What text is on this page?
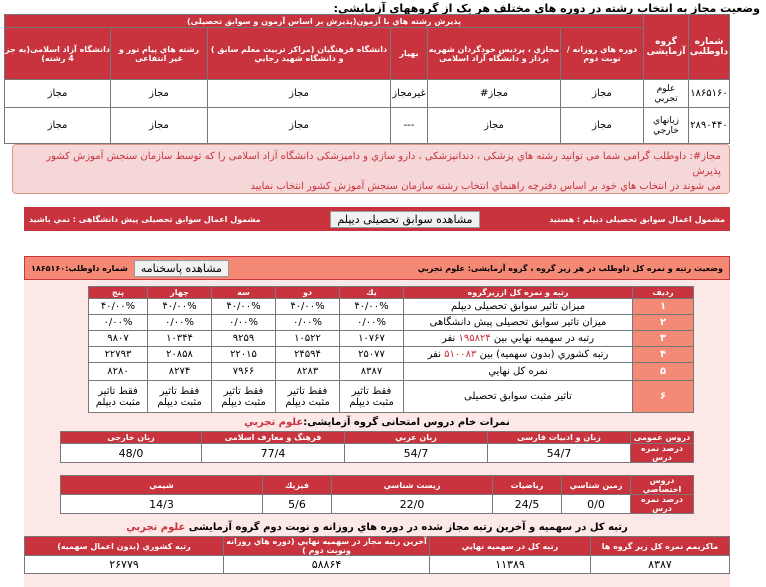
وضعیت مجاز به انتخاب رشته در دوره هاي مختلف هر یک از گروههاي آزمایشی:
شماره داوطلبی	گروه آزمایشی	پذیرش رشته هاي با آزمون(پذیرش بر اساس آزمون و سوابق تحصیلی)					
		دوره هاي روزانه / نوبت دوم	مجازي ، پرديس خودگردان شهريه پرداز و دانشگاه آزاد اسلامی	بهیار	دانشگاه فرهنگيان (مراكز تربيت معلم سابق ) و دانشگاه شهيد رجايي	رشته هاي پيام نور و غیر انتفاعی	دانشگاه آزاد اسلامی(به جز 4 رشته)
۱۸۶۵۱۶۰	علوم تجربي	مجاز	مجاز#	غيرمجاز	مجاز	مجاز	مجاز
۲۸۹۰۴۴۰	زبانهاي خارجي	مجاز	مجاز	---	مجاز	مجاز	مجاز
مجاز#: داوطلب گرامی شما می توانید رشته هاي پزشکی ، دندانپزشکی ، دارو سازي و دامپزشکی دانشگاه آزاد اسلامی را كه توسط سازمان سنجش آموزش كشور پذيرش
می شوند در انتخاب هاي خود بر اساس دفترچه راهنماي انتخاب رشته سازمان سنجش آموزش كشور انتخاب نماييد
مشمول اعمال سوابق تحصيلی ديپلم : هستيد
مشاهده سوابق تحصيلی ديپلم
مشمول اعمال سوابق تحصيلی پيش دانشگاهی : نمي باشيد
وضعیت رتبه و نمره کل داوطلب در هر زیر گروه ، گروه آزمایشی: علوم تجربي
مشاهده پاسخنامه
شماره داوطلب:۱۸۶۵۱۶۰
رديف	رتبه و نمره كل اززيرگروه	يك	دو	سه	چهار	پنج
۱	ميزان تاثير سوابق تحصيلی ديپلم	۴۰/۰۰%	۴۰/۰۰%	۴۰/۰۰%	۴۰/۰۰%	۴۰/۰۰%
۲	ميزان تاثير سوابق تحصيلی پيش دانشگاهی	۰/۰۰%	۰/۰۰%	۰/۰۰%	۰/۰۰%	۰/۰۰%
۳	رتبه در سهميه نهايي بين ۱۹۵۸۲۴ نفر	۱۰۷۶۷	۱۰۵۲۲	۹۲۵۹	۱۰۳۴۴	۹۸۰۷
۴	رتبه كشوري (بدون سهميه) بين ۵۱۰۰۸۳ نفر	۲۵۰۷۷	۲۴۵۹۴	۲۲۰۱۵	۲۰۸۵۸	۲۲۷۹۳
۵	نمره كل نهايي	۸۳۸۷	۸۲۸۳	۷۹۶۶	۸۲۷۴	۸۲۸۰
۶	تاثير مثبت سوابق تحصيلی	فقط تاثير مثبت ديپلم	فقط تاثير مثبت ديپلم	فقط تاثير مثبت ديپلم	فقط تاثير مثبت ديپلم	فقط تاثير مثبت ديپلم
نمرات خام دروس امتحانی گروه آزمايشی:علوم تجربي
دروس عمومی	زبان و ادبيات فارسی	زبان عربي	فرهنگ و معارف اسلامی	زبان خارجی
درصد نمره درس	54/7	54/7	77/4	48/0
دروس اختصاصي	زمين شناسي	رياضيات	زيست شناسي	فيزيك	شيمي
درصد نمره درس	0/0	24/5	22/0	5/6	14/3
رتبه کل در سهمیه و آخرین رتبه مجاز شده در دوره هاي روزانه و نوبت دوم گروه آزمايشی علوم تجربي
ماكزيمم نمره كل زير گروه ها	رتبه كل در سهميه نهايي	آخرين رتبه مجاز در سهميه نهايي (دوره هاي روزانه ونوبت دوم )	رتبه كشوري (بدون اعمال سهميه)
۸۳۸۷	۱۱۳۸۹	۵۸۸۶۴	۲۶۷۷۹
